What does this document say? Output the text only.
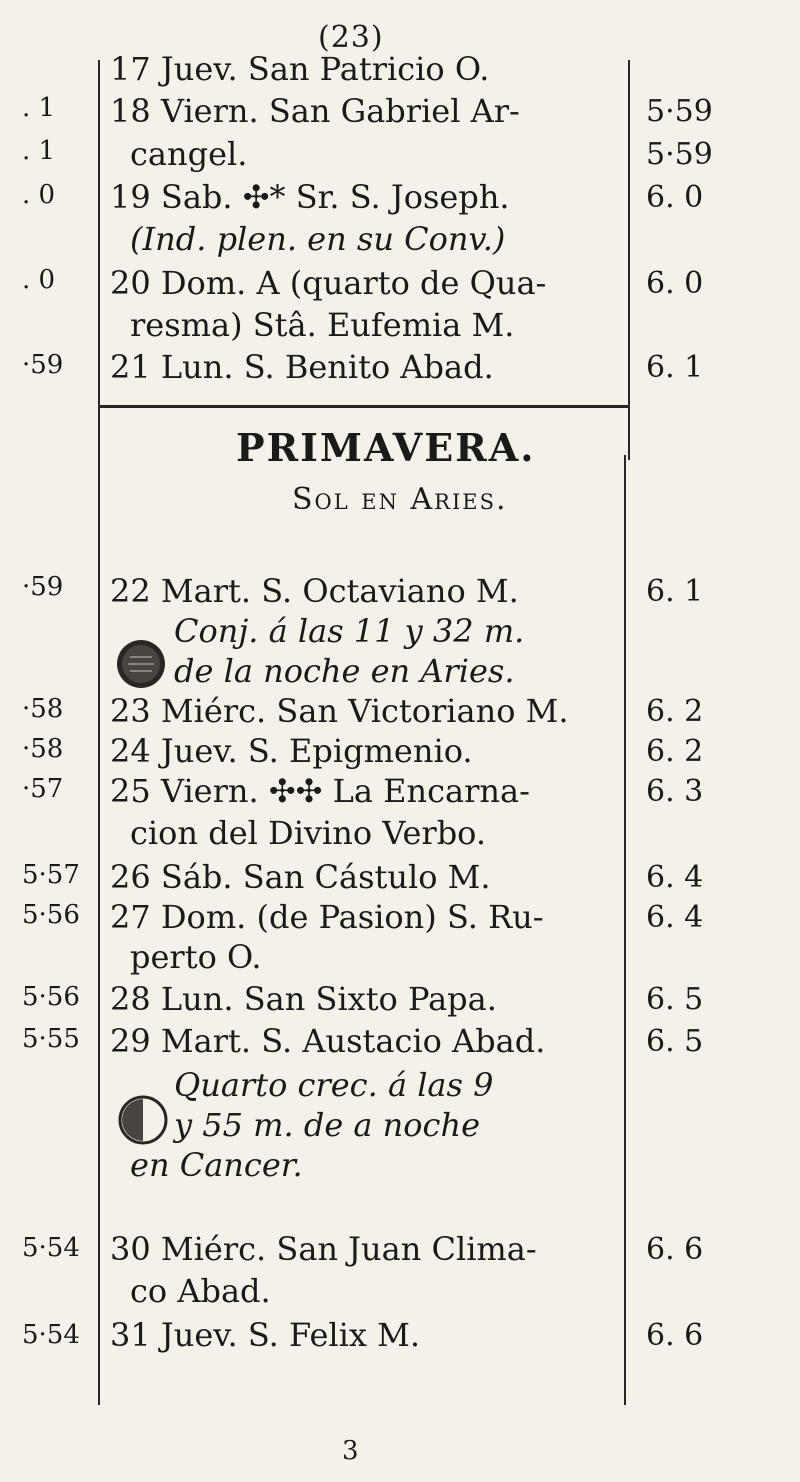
(23)
. 1
. 1
. 0
. 0
·59
·59
·58
·58
·57
5·57
5·56
5·56
5·55
5·54
5·54
17 Juev. San Patricio O.
18 Viern. San Gabriel Ar-
cangel.
19 Sab. ✣* Sr. S. Joseph.
(Ind. plen. en su Conv.)
20 Dom. A (quarto de Qua-
resma) Stâ. Eufemia M.
21 Lun. S. Benito Abad.
PRIMAVERA.
Sol en Aries.
22 Mart. S. Octaviano M.
Conj. á las 11 y 32 m.
de la noche en Aries.
23 Miérc. San Victoriano M.
24 Juev. S. Epigmenio.
25 Viern. ✣✣ La Encarna-
cion del Divino Verbo.
26 Sáb. San Cástulo M.
27 Dom. (de Pasion) S. Ru-
perto O.
28 Lun. San Sixto Papa.
29 Mart. S. Austacio Abad.
Quarto crec. á las 9
y 55 m. de a noche
en Cancer.
30 Miérc. San Juan Clima-
co Abad.
31 Juev. S. Felix M.
5·59
5·59
6. 0
6. 0
6. 1
6. 1
6. 2
6. 2
6. 3
6. 4
6. 4
6. 5
6. 5
6. 6
6. 6
3
